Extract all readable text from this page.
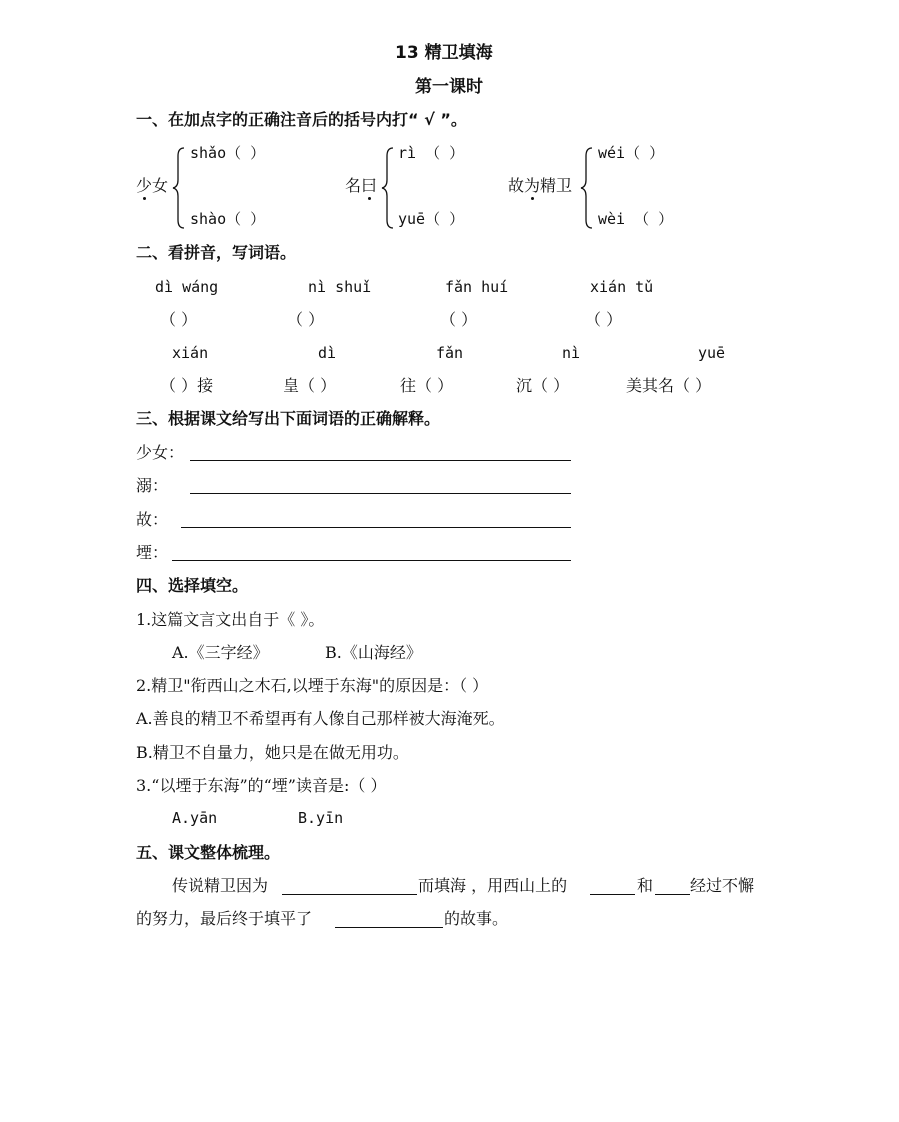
13 精卫填海
第一课时
一、在加点字的正确注音后的括号内打“ √ ”。
少女
shǎo（ ）
shào（ ）
名曰
rì （ ）
yuē（ ）
故为精卫
wéi（ ）
wèi （ ）
二、看拼音，写词语。
dì wáng	nì shuǐ	fǎn huí	xián tǔ
（ ）	（ ）	（ ）	（ ）
xián	dì	fǎn	nì	yuē
（ ）接	皇（ ）	往（ ）	沉（ ）	美其名（ ）
三、根据课文给写出下面词语的正确解释。
少女：
溺：
故：
堙：
四、选择填空。
1.这篇文言文出自于《 》。
A.《三字经》	B.《山海经》
2.精卫"衔西山之木石,以堙于东海"的原因是：（ ）
A.善良的精卫不希望再有人像自己那样被大海淹死。
B.精卫不自量力，她只是在做无用功。
3.“以堙于东海”的“堙”读音是:（ ）
A.yān	B.yīn
五、课文整体梳理。
传说精卫因为	而填海 ，用西山上的	和 经过不懈
的努力，最后终于填平了	的故事。
